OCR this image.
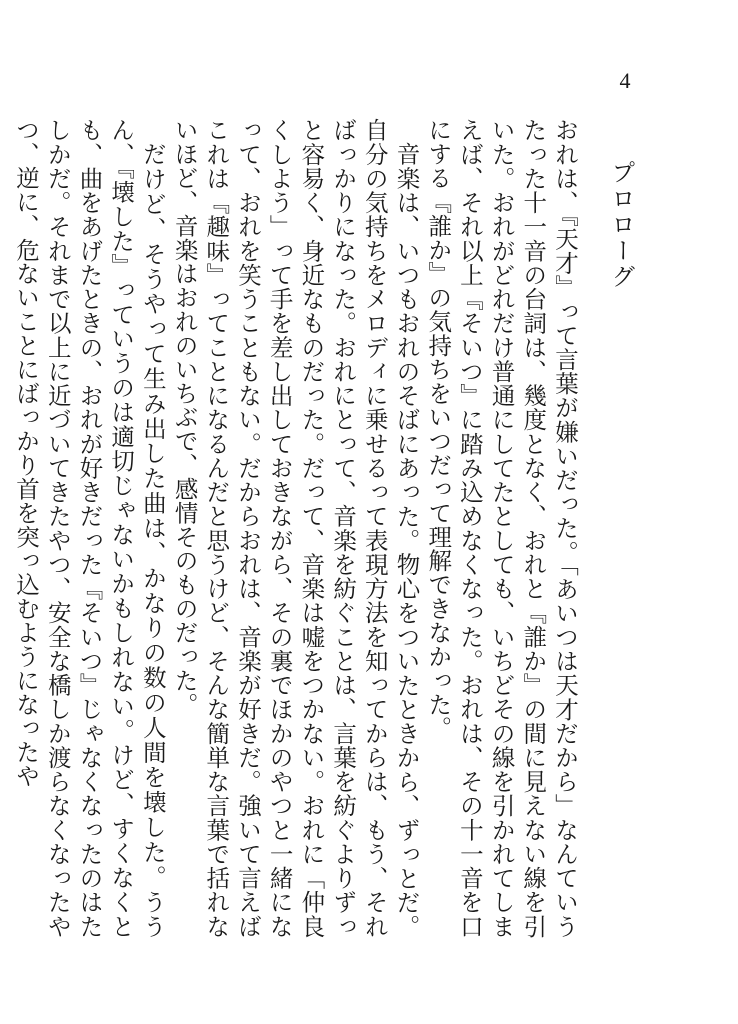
4
プロローグ

おれは、『天才』って言葉が嫌いだった。「あいつは天才だから」なんていうたった十一音の台詞は、幾度となく、おれと『誰か』の間に見えない線を引いた。おれがどれだけ普通にしてたとしても、いちどその線を引かれてしまえば、それ以上『そいつ』に踏み込めなくなった。おれは、その十一音を口にする『誰か』の気持ちをいつだって理解できなかった。

音楽は、いつもおれのそばにあった。物心をついたときから、ずっとだ。自分の気持ちをメロディに乗せるって表現方法を知ってからは、もう、そればっかりになった。おれにとって、音楽を紡ぐことは、言葉を紡ぐよりずっと容易く、身近なものだった。だって、音楽は嘘をつかない。おれに「仲良くしよう」って手を差し出しておきながら、その裏でほかのやつと一緒になって、おれを笑うこともない。だからおれは、音楽が好きだ。強いて言えばこれは『趣味』ってことになるんだと思うけど、そんな簡単な言葉で括れないほど、音楽はおれのいちぶで、感情そのものだった。

だけど、そうやって生み出した曲は、かなりの数の人間を壊した。ううん、『壊した』っていうのは適切じゃないかもしれない。けど、すくなくとも、曲をあげたときの、おれが好きだった『そいつ』じゃなくなったのはたしかだ。それまで以上に近づいてきたやつ、安全な橋しか渡らなくなったやつ、逆に、危ないことにばっかり首を突っ込むようになったや
